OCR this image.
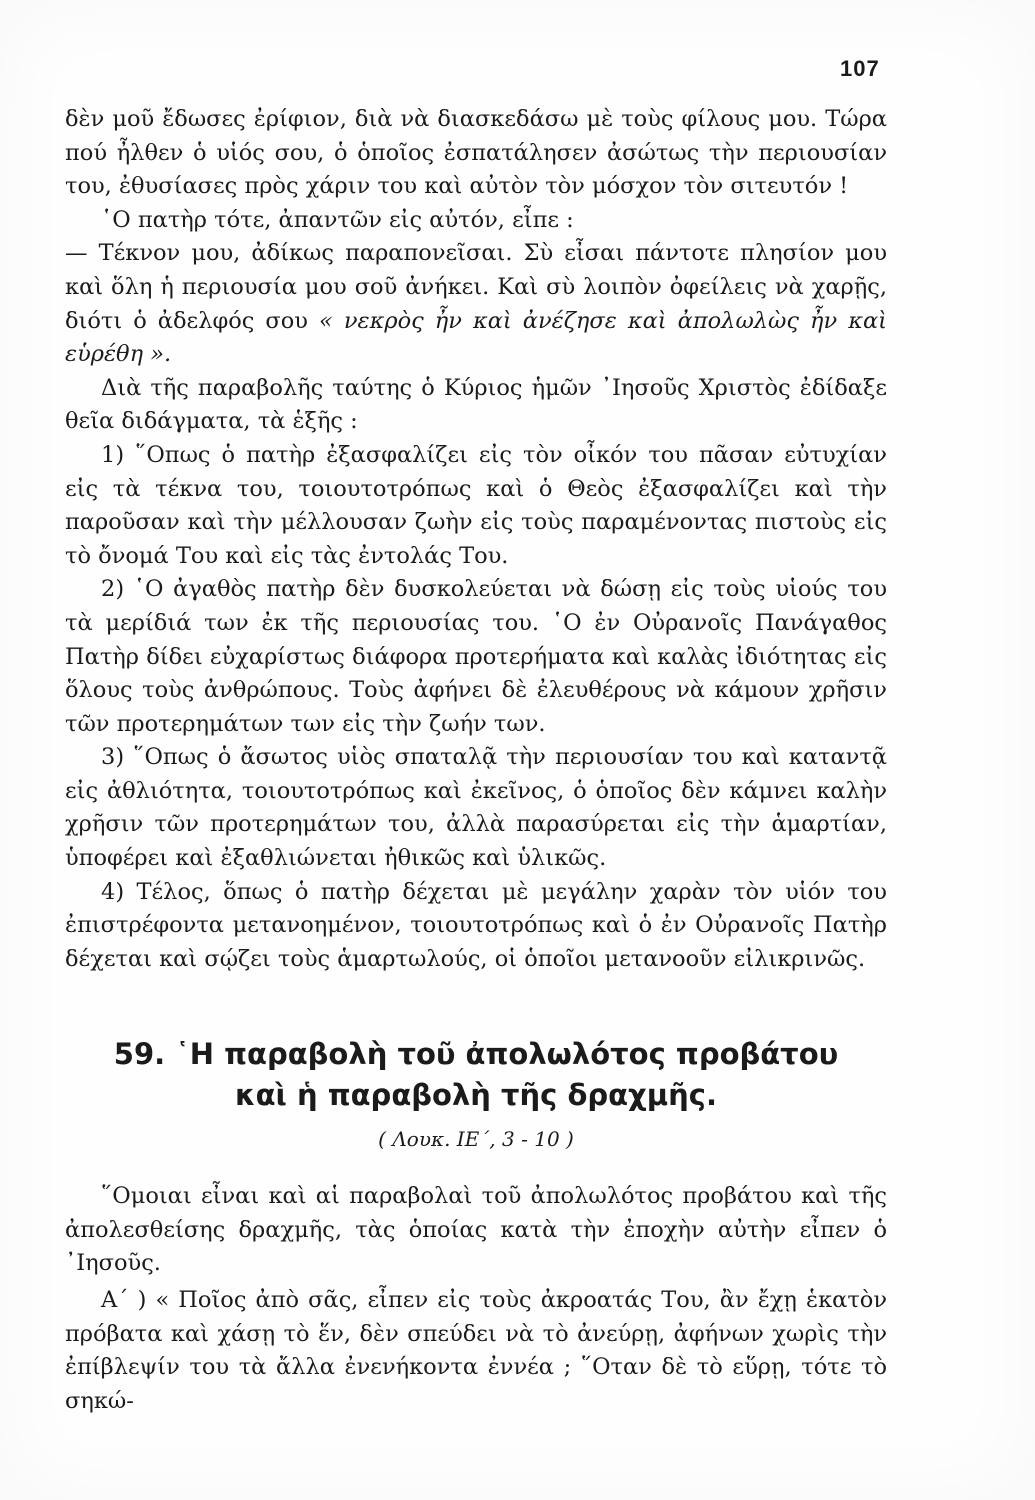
107

δὲν μοῦ ἔδωσες ἐρίφιον, διὰ νὰ διασκεδάσω μὲ τοὺς φίλους μου. Τώρα πού ἦλθεν ὁ υἱός σου, ὁ ὁποῖος ἐσπατάλησεν ἀσώτως τὴν περιουσίαν του, ἐθυσίασες πρὸς χάριν του καὶ αὐτὸν τὸν μόσχον τὸν σιτευτόν !

῾Ο πατὴρ τότε, ἀπαντῶν εἰς αὐτόν, εἶπε :

— Τέκνον μου, ἀδίκως παραπονεῖσαι. Σὺ εἶσαι πάντοτε πλησίον μου καὶ ὅλη ἡ περιουσία μου σοῦ ἀνήκει. Καὶ σὺ λοιπὸν ὀφείλεις νὰ χαρῇς, διότι ὁ ἀδελφός σου « νεκρὸς ἦν καὶ ἀνέζησε καὶ ἀπολωλὼς ἦν καὶ εὑρέθη ».

Διὰ τῆς παραβολῆς ταύτης ὁ Κύριος ἡμῶν ᾽Ιησοῦς Χριστὸς ἐδίδαξε θεῖα διδάγματα, τὰ ἑξῆς :

1) ῞Οπως ὁ πατὴρ ἐξασφαλίζει εἰς τὸν οἶκόν του πᾶσαν εὐτυχίαν εἰς τὰ τέκνα του, τοιουτοτρόπως καὶ ὁ Θεὸς ἐξασφαλίζει καὶ τὴν παροῦσαν καὶ τὴν μέλλουσαν ζωὴν εἰς τοὺς παραμένοντας πιστοὺς εἰς τὸ ὄνομά Του καὶ εἰς τὰς ἐντολάς Του.

2) ῾Ο ἀγαθὸς πατὴρ δὲν δυσκολεύεται νὰ δώσῃ εἰς τοὺς υἱούς του τὰ μερίδιά των ἐκ τῆς περιουσίας του. ῾Ο ἐν Οὐρανοῖς Πανάγαθος Πατὴρ δίδει εὐχαρίστως διάφορα προτερήματα καὶ καλὰς ἰδιότητας εἰς ὅλους τοὺς ἀνθρώπους. Τοὺς ἀφήνει δὲ ἐλευθέρους νὰ κάμουν χρῆσιν τῶν προτερημάτων των εἰς τὴν ζωήν των.

3) ῞Οπως ὁ ἄσωτος υἱὸς σπαταλᾷ τὴν περιουσίαν του καὶ καταντᾷ εἰς ἀθλιότητα, τοιουτοτρόπως καὶ ἐκεῖνος, ὁ ὁποῖος δὲν κάμνει καλὴν χρῆσιν τῶν προτερημάτων του, ἀλλὰ παρασύρεται εἰς τὴν ἁμαρτίαν, ὑποφέρει καὶ ἐξαθλιώνεται ἠθικῶς καὶ ὑλικῶς.

4) Τέλος, ὅπως ὁ πατὴρ δέχεται μὲ μεγάλην χαρὰν τὸν υἱόν του ἐπιστρέφοντα μετανοημένον, τοιουτοτρόπως καὶ ὁ ἐν Οὐρανοῖς Πατὴρ δέχεται καὶ σῴζει τοὺς ἁμαρτωλούς, οἱ ὁποῖοι μετανοοῦν εἰλικρινῶς.

59. ῾Η παραβολὴ τοῦ ἀπολωλότος προβάτου

καὶ ἡ παραβολὴ τῆς δραχμῆς.

( Λουκ. ΙΕ΄, 3 - 10 )

῞Ομοιαι εἶναι καὶ αἱ παραβολαὶ τοῦ ἀπολωλότος προβάτου καὶ τῆς ἀπολεσθείσης δραχμῆς, τὰς ὁποίας κατὰ τὴν ἐποχὴν αὐτὴν εἶπεν ὁ ᾽Ιησοῦς.

Α΄ ) « Ποῖος ἀπὸ σᾶς, εἶπεν εἰς τοὺς ἀκροατάς Του, ἂν ἔχῃ ἑκατὸν πρόβατα καὶ χάσῃ τὸ ἕν, δὲν σπεύδει νὰ τὸ ἀνεύρῃ, ἀφήνων χωρὶς τὴν ἐπίβλεψίν του τὰ ἄλλα ἐνενήκοντα ἐννέα ; ῞Οταν δὲ τὸ εὕρῃ, τότε τὸ σηκώ-
